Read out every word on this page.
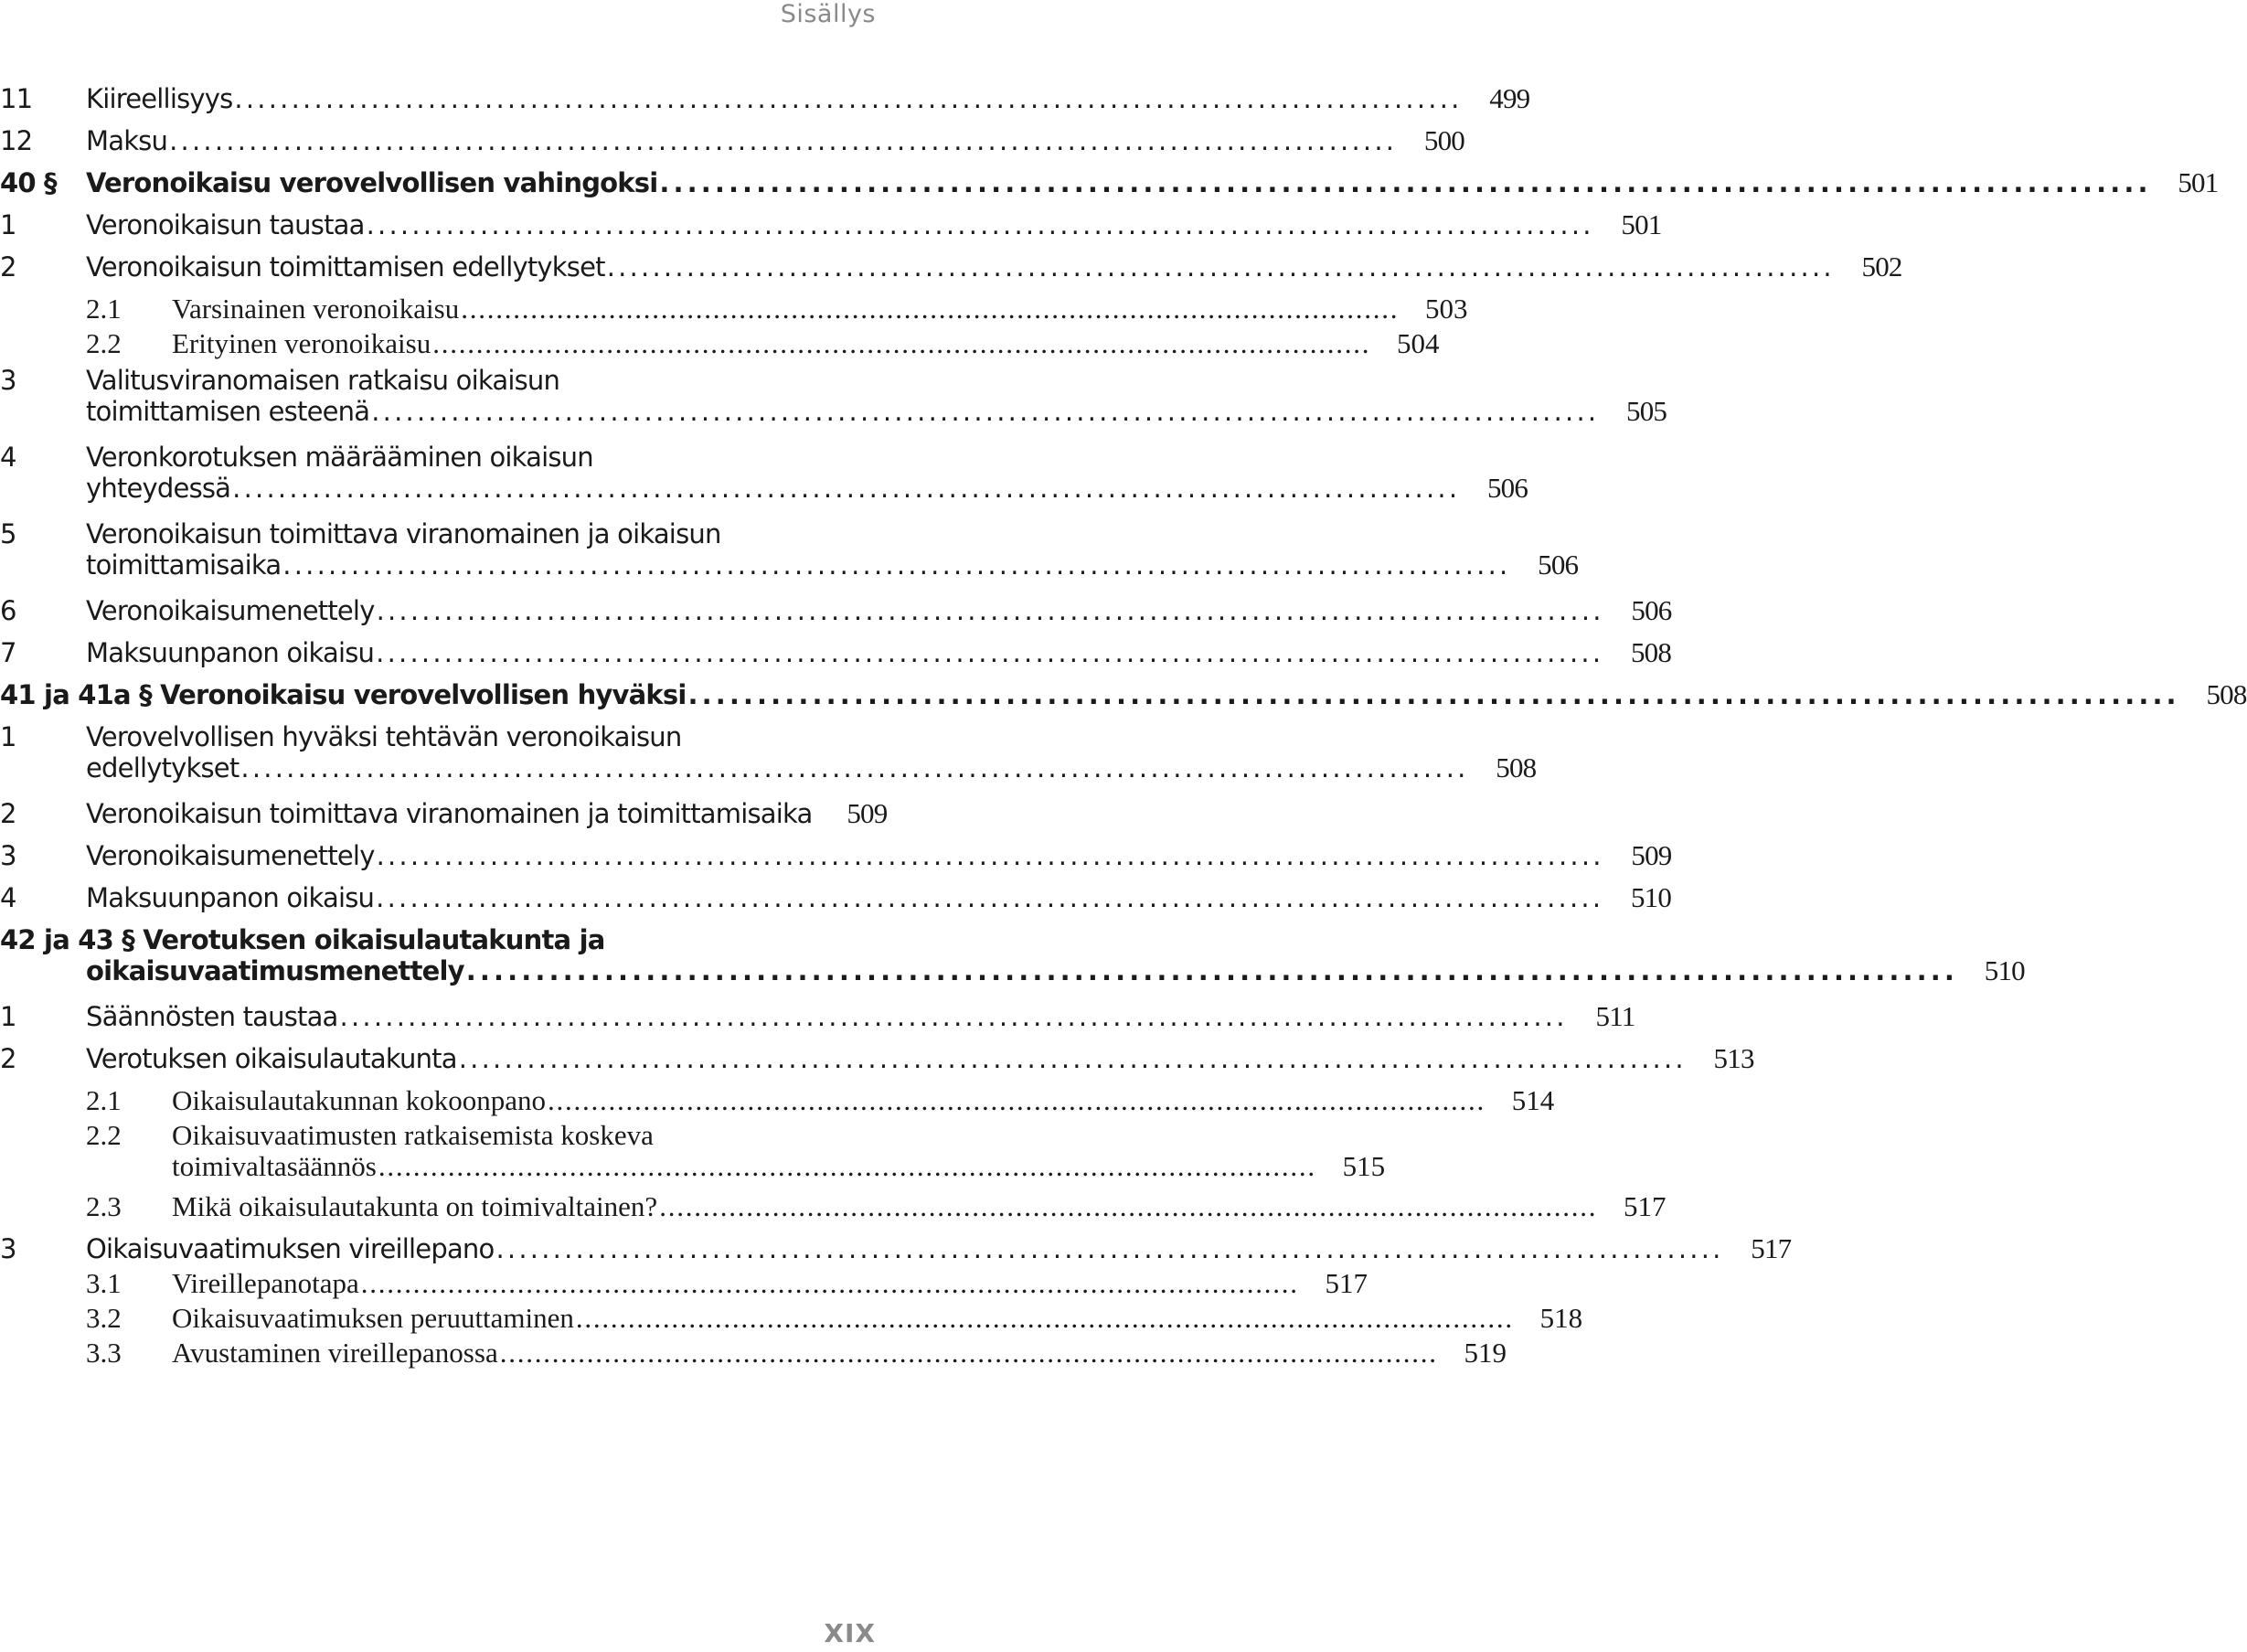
Sisällys
11 Kiireellisyys . . .	499
12 Maksu . . .	500
40 § Veronoikaisu verovelvollisen vahingoksi . . .	501
1	Veronoikaisun taustaa . . .	501
2	Veronoikaisun toimittamisen edellytykset . . .	502
2.1 Varsinainen veronoikaisu . . .	503
2.2 Erityinen veronoikaisu . . .	504
3	Valitusviranomaisen ratkaisu oikaisun
toimittamisen esteenä . . .	505
4	Veronkorotuksen määrääminen oikaisun
yhteydessä . . .	506
5	Veronoikaisun toimittava viranomainen ja oikaisun
toimittamisaika . . .	506
6	Veronoikaisumenettely . . .	506
7	Maksuunpanon oikaisu . . .	508
41 ja 41a § Veronoikaisu verovelvollisen hyväksi . . .	508
1	Verovelvollisen hyväksi tehtävän veronoikaisun
edellytykset . . .	508
2	Veronoikaisun toimittava viranomainen ja toimittamisaika	509
3	Veronoikaisumenettely . . .	509
4	Maksuunpanon oikaisu . . .	510
42 ja 43 § Verotuksen oikaisulautakunta ja
oikaisuvaatimusmenettely . . .	510
1	Säännösten taustaa . . .	511
2	Verotuksen oikaisulautakunta . . .	513
2.1 Oikaisulautakunnan kokoonpano . . .	514
2.2 Oikaisuvaatimusten ratkaisemista koskeva
toimivaltasäännös . . .	515
2.3 Mikä oikaisulautakunta on toimivaltainen? . . .	517
3	Oikaisuvaatimuksen vireillepano . . .	517
3.1 Vireillepanotapa . . .	517
3.2 Oikaisuvaatimuksen peruuttaminen . . .	518
3.3 Avustaminen vireillepanossa . . .	519
XIX
